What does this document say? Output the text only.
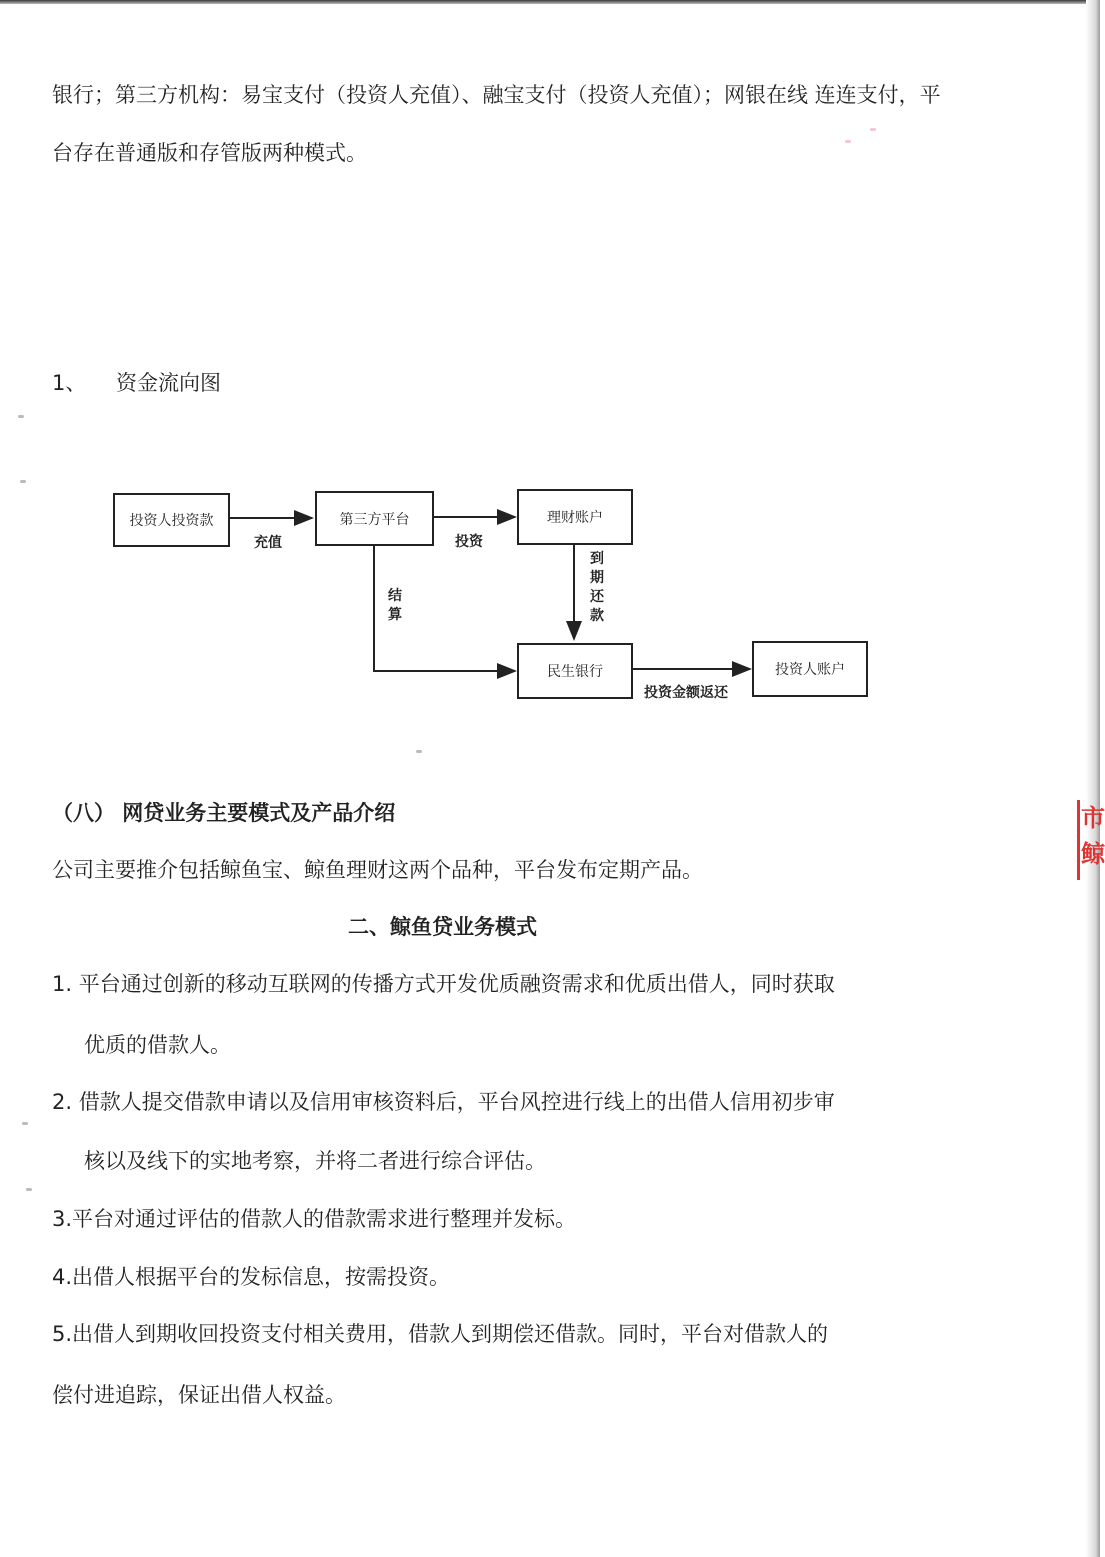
银行；第三方机构：易宝支付（投资人充值）、融宝支付（投资人充值）；网银在线 连连支付，平
台存在普通版和存管版两种模式。
1、 资金流向图
投资人投资款	第三方平台	理财账户
民生银行	投资人账户
充值	投资
结算
到期还款
投资金额返还
（八） 网贷业务主要模式及产品介绍
公司主要推介包括鲸鱼宝、鲸鱼理财这两个品种，平台发布定期产品。
二、鲸鱼贷业务模式
1. 平台通过创新的移动互联网的传播方式开发优质融资需求和优质出借人，同时获取
优质的借款人。
2. 借款人提交借款申请以及信用审核资料后，平台风控进行线上的出借人信用初步审
核以及线下的实地考察，并将二者进行综合评估。
3.平台对通过评估的借款人的借款需求进行整理并发标。
4.出借人根据平台的发标信息，按需投资。
5.出借人到期收回投资支付相关费用，借款人到期偿还借款。同时，平台对借款人的
偿付进追踪，保证出借人权益。
市鲸
